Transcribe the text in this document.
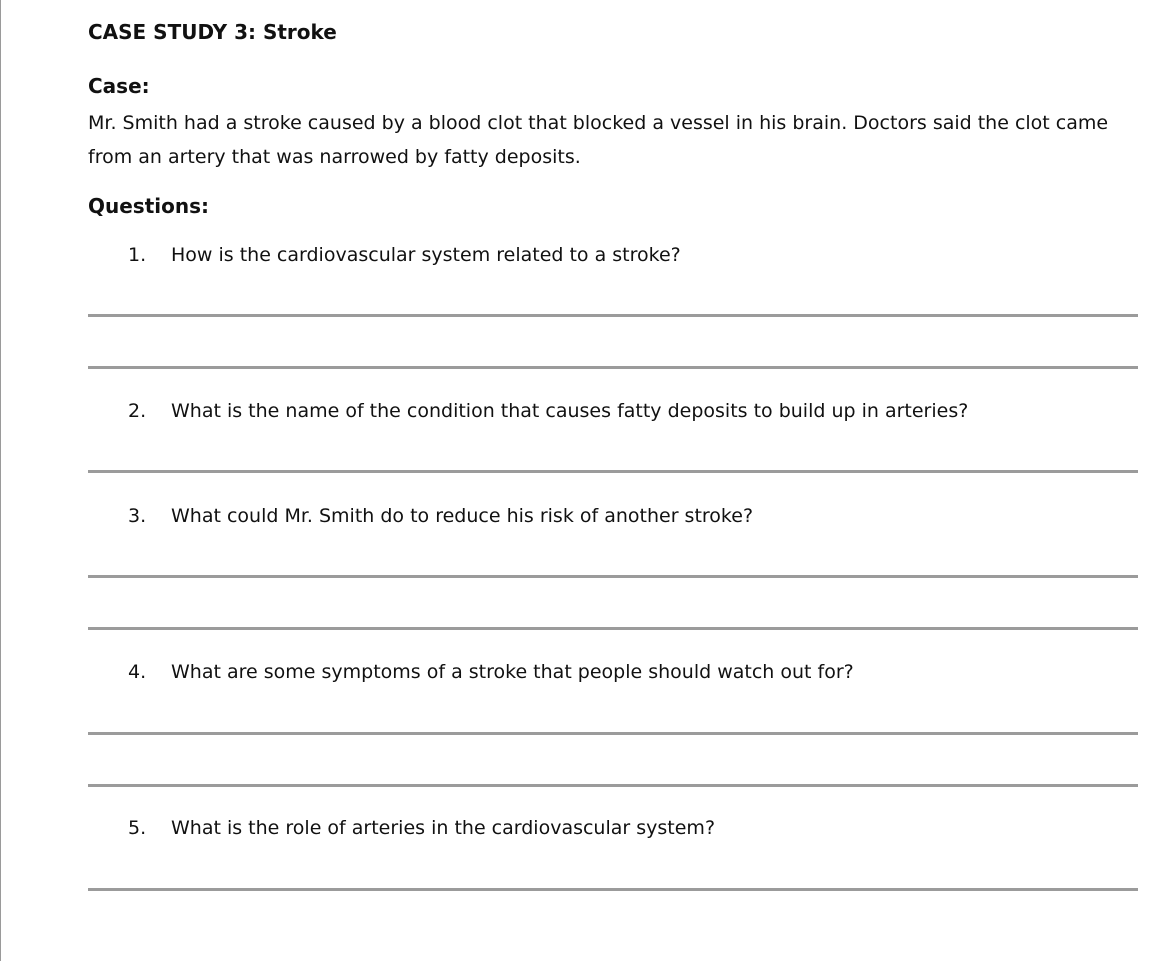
CASE STUDY 3: Stroke
Case:
Mr. Smith had a stroke caused by a blood clot that blocked a vessel in his brain. Doctors said the clot came from an artery that was narrowed by fatty deposits.
Questions:
1. How is the cardiovascular system related to a stroke?
2. What is the name of the condition that causes fatty deposits to build up in arteries?
3. What could Mr. Smith do to reduce his risk of another stroke?
4. What are some symptoms of a stroke that people should watch out for?
5. What is the role of arteries in the cardiovascular system?
